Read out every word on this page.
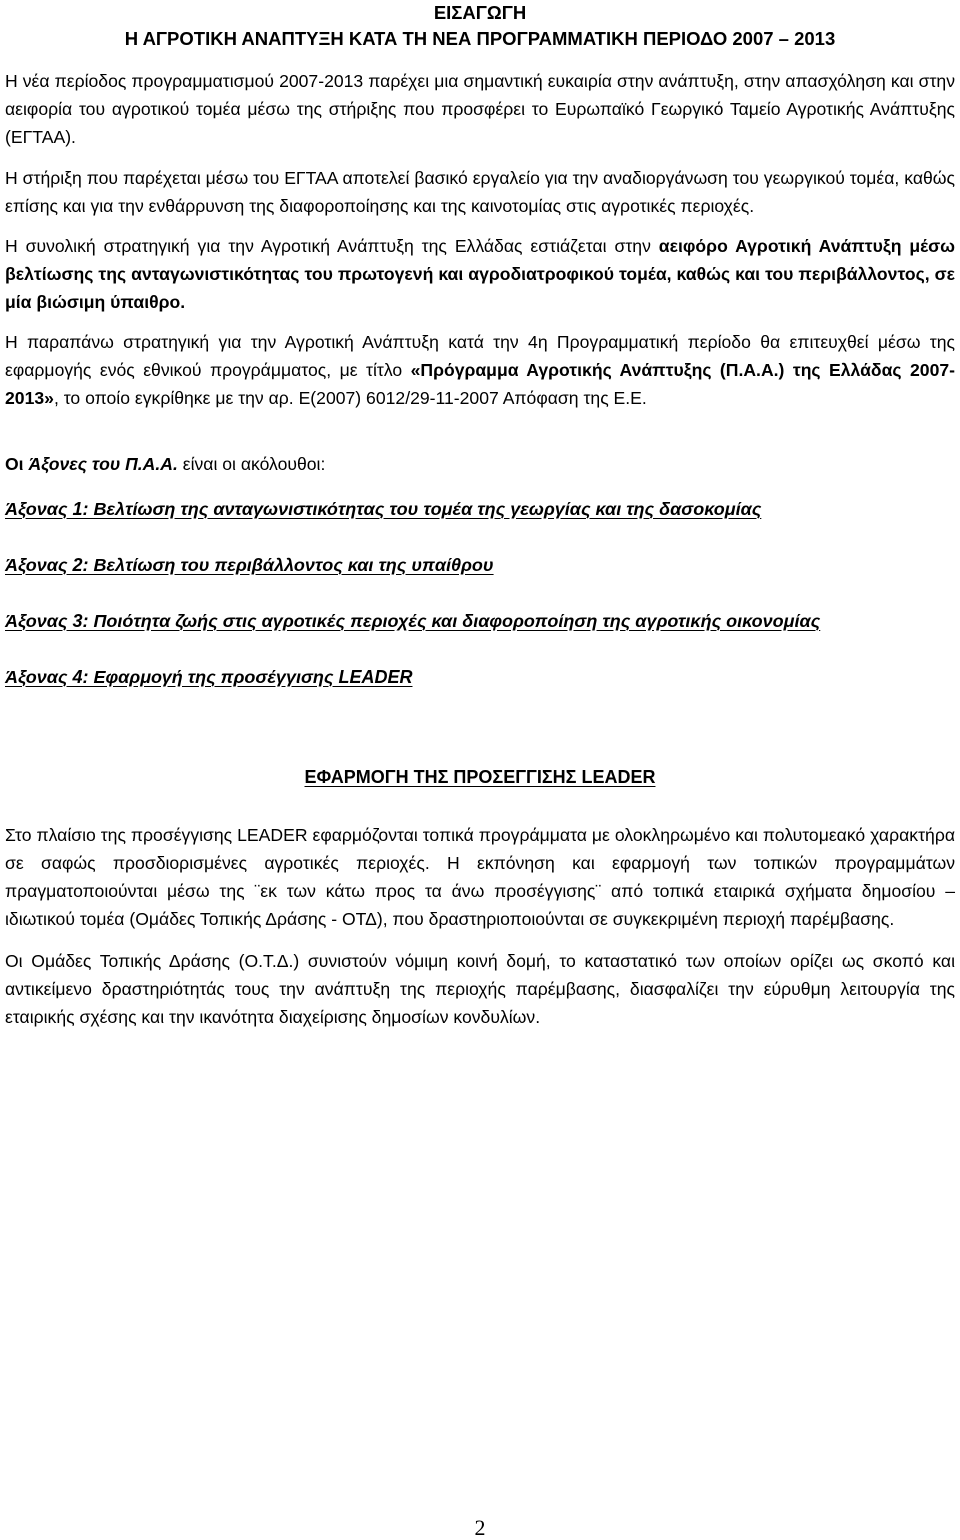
ΕΙΣΑΓΩΓΗ

Η ΑΓΡΟΤΙΚΗ ΑΝΑΠΤΥΞΗ ΚΑΤΑ ΤΗ ΝΕΑ ΠΡΟΓΡΑΜΜΑΤΙΚΗ ΠΕΡΙΟΔΟ 2007 – 2013

Η νέα περίοδος προγραμματισμού 2007-2013 παρέχει μια σημαντική ευκαιρία στην ανάπτυξη, στην απασχόληση και στην αειφορία του αγροτικού τομέα μέσω της στήριξης που προσφέρει το Ευρωπαϊκό Γεωργικό Ταμείο Αγροτικής Ανάπτυξης (ΕΓΤΑΑ).

Η στήριξη που παρέχεται μέσω του ΕΓΤΑΑ αποτελεί βασικό εργαλείο για την αναδιοργάνωση του γεωργικού τομέα, καθώς επίσης και για την ενθάρρυνση της διαφοροποίησης και της καινοτομίας στις αγροτικές περιοχές.

Η συνολική στρατηγική για την Αγροτική Ανάπτυξη της Ελλάδας εστιάζεται στην αειφόρο Αγροτική Ανάπτυξη μέσω βελτίωσης της ανταγωνιστικότητας του πρωτογενή και αγροδιατροφικού τομέα, καθώς και του περιβάλλοντος, σε μία βιώσιμη ύπαιθρο.

Η παραπάνω στρατηγική για την Αγροτική Ανάπτυξη κατά την 4η Προγραμματική περίοδο θα επιτευχθεί μέσω της εφαρμογής ενός εθνικού προγράμματος, με τίτλο «Πρόγραμμα Αγροτικής Ανάπτυξης (Π.Α.Α.) της Ελλάδας 2007-2013», το οποίο εγκρίθηκε με την αρ. Ε(2007) 6012/29-11-2007 Απόφαση της Ε.Ε.

Οι Άξονες του Π.Α.Α. είναι οι ακόλουθοι:

Άξονας 1: Βελτίωση της ανταγωνιστικότητας του τομέα της γεωργίας και της δασοκομίας

Άξονας 2: Βελτίωση του περιβάλλοντος και της υπαίθρου

Άξονας 3: Ποιότητα ζωής στις αγροτικές περιοχές και διαφοροποίηση της αγροτικής οικονομίας

Άξονας 4: Εφαρμογή της προσέγγισης LEADER

ΕΦΑΡΜΟΓΗ ΤΗΣ ΠΡΟΣΕΓΓΙΣΗΣ LEADER

Στο πλαίσιο της προσέγγισης LEADER εφαρμόζονται τοπικά προγράμματα με ολοκληρωμένο και πολυτομεακό χαρακτήρα σε σαφώς προσδιορισμένες αγροτικές περιοχές. Η εκπόνηση και εφαρμογή των τοπικών προγραμμάτων πραγματοποιούνται μέσω της ¨εκ των κάτω προς τα άνω προσέγγισης¨ από τοπικά εταιρικά σχήματα δημοσίου – ιδιωτικού τομέα (Ομάδες Τοπικής Δράσης - ΟΤΔ), που δραστηριοποιούνται σε συγκεκριμένη περιοχή παρέμβασης.

Οι Ομάδες Τοπικής Δράσης (Ο.Τ.Δ.) συνιστούν νόμιμη κοινή δομή, το καταστατικό των οποίων ορίζει ως σκοπό και αντικείμενο δραστηριότητάς τους την ανάπτυξη της περιοχής παρέμβασης, διασφαλίζει την εύρυθμη λειτουργία της εταιρικής σχέσης και την ικανότητα διαχείρισης δημοσίων κονδυλίων.

2
